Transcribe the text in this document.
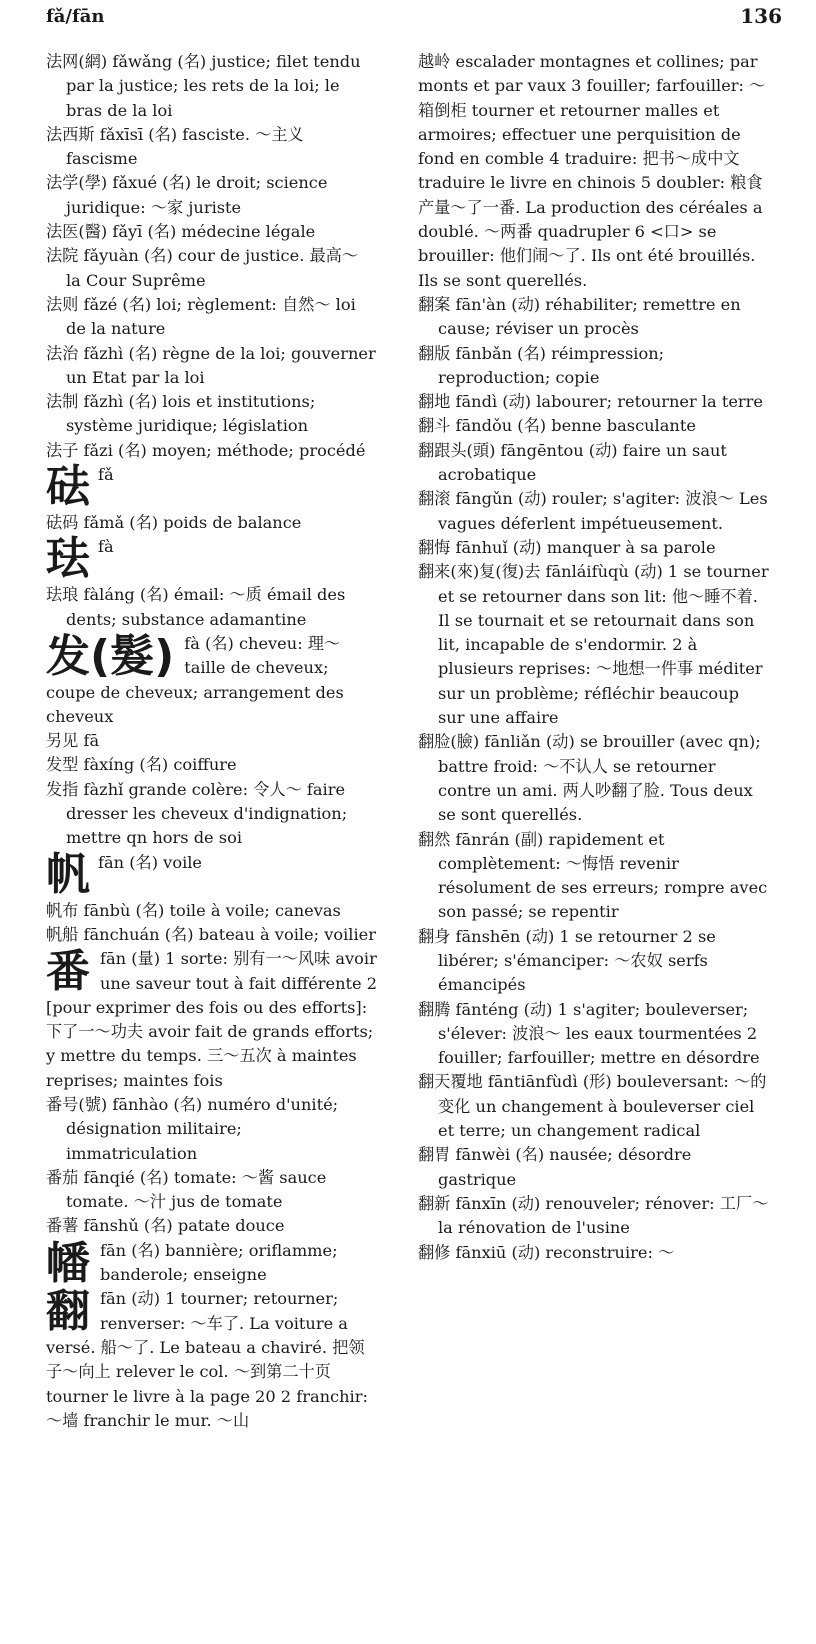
fǎ/fān	136

法网(網) fǎwǎng (名) justice; filet tendu par la justice; les rets de la loi; le bras de la loi

法西斯 fǎxīsī (名) fasciste. ～主义 fascisme

法学(學) fǎxué (名) le droit; science juridique: ～家 juriste

法医(醫) fǎyī (名) médecine légale

法院 fǎyuàn (名) cour de justice. 最高～ la Cour Suprême

法则 fǎzé (名) loi; règlement: 自然～ loi de la nature

法治 fǎzhì (名) règne de la loi; gouverner un Etat par la loi

法制 fǎzhì (名) lois et institutions; système juridique; législation

法子 fǎzi (名) moyen; méthode; procédé

砝 fǎ

砝码 fǎmǎ (名) poids de balance

珐 fà

珐琅 fàláng (名) émail: ～质 émail des dents; substance adamantine

发(髮) fà (名) cheveu: 理～ taille de cheveux; coupe de cheveux; arrangement des cheveux

另见 fā

发型 fàxíng (名) coiffure

发指 fàzhǐ grande colère: 令人～ faire dresser les cheveux d'indignation; mettre qn hors de soi

帆 fān (名) voile

帆布 fānbù (名) toile à voile; canevas

帆船 fānchuán (名) bateau à voile; voilier

番 fān (量) 1 sorte: 别有一～风味 avoir une saveur tout à fait différente 2 [pour exprimer des fois ou des efforts]: 下了一～功夫 avoir fait de grands efforts; y mettre du temps. 三～五次 à maintes reprises; maintes fois

番号(號) fānhào (名) numéro d'unité; désignation militaire; immatriculation

番茄 fānqié (名) tomate: ～酱 sauce tomate. ～汁 jus de tomate

番薯 fānshǔ (名) patate douce

幡 fān (名) bannière; oriflamme; banderole; enseigne
翻 fān (动) 1 tourner; retourner; renverser: ～车了. La voiture a versé. 船～了. Le bateau a chaviré. 把领子～向上 relever le col. ～到第二十页 tourner le livre à la page 20 2 franchir: ～墙 franchir le mur. ～山

越岭 escalader montagnes et collines; par monts et par vaux 3 fouiller; farfouiller: ～箱倒柜 tourner et retourner malles et armoires; effectuer une perquisition de fond en comble 4 traduire: 把书～成中文 traduire le livre en chinois 5 doubler: 粮食产量～了一番. La production des céréales a doublé. ～两番 quadrupler 6 <口> se brouiller: 他们闹～了. Ils ont été brouillés. Ils se sont querellés.

翻案 fān'àn (动) réhabiliter; remettre en cause; réviser un procès

翻版 fānbǎn (名) réimpression; reproduction; copie

翻地 fāndì (动) labourer; retourner la terre

翻斗 fāndǒu (名) benne basculante

翻跟头(頭) fāngēntou (动) faire un saut acrobatique

翻滚 fāngǔn (动) rouler; s'agiter: 波浪～ Les vagues déferlent impétueusement.

翻悔 fānhuǐ (动) manquer à sa parole

翻来(來)复(復)去 fānláifùqù (动) 1 se tourner et se retourner dans son lit: 他～睡不着. Il se tournait et se retournait dans son lit, incapable de s'endormir. 2 à plusieurs reprises: ～地想一件事 méditer sur un problème; réfléchir beaucoup sur une affaire

翻脸(臉) fānliǎn (动) se brouiller (avec qn); battre froid: ～不认人 se retourner contre un ami. 两人吵翻了脸. Tous deux se sont querellés.

翻然 fānrán (副) rapidement et complètement: ～悔悟 revenir résolument de ses erreurs; rompre avec son passé; se repentir

翻身 fānshēn (动) 1 se retourner 2 se libérer; s'émanciper: ～农奴 serfs émancipés

翻腾 fānténg (动) 1 s'agiter; bouleverser; s'élever: 波浪～ les eaux tourmentées 2 fouiller; farfouiller; mettre en désordre

翻天覆地 fāntiānfùdì (形) bouleversant: ～的变化 un changement à bouleverser ciel et terre; un changement radical

翻胃 fānwèi (名) nausée; désordre gastrique

翻新 fānxīn (动) renouveler; rénover: 工厂～ la rénovation de l'usine

翻修 fānxiū (动) reconstruire: ～
